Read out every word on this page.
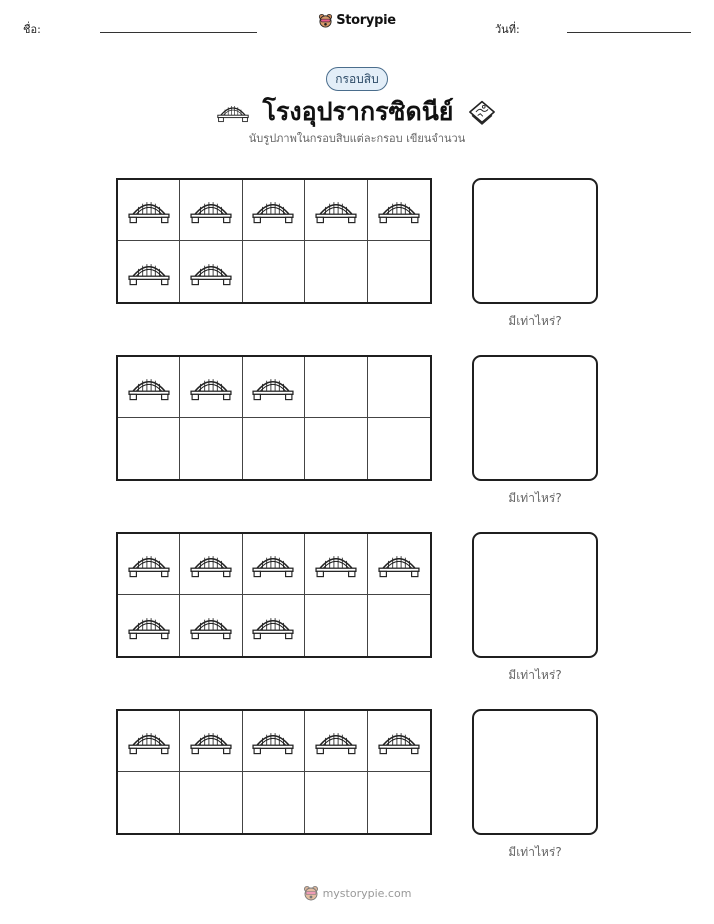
ชื่อ:
Storypie
วันที่:
กรอบสิบ
โรงอุปรากรซิดนีย์
นับรูปภาพในกรอบสิบแต่ละกรอบ เขียนจำนวน
มีเท่าไหร่?
มีเท่าไหร่?
มีเท่าไหร่?
มีเท่าไหร่?
mystorypie.com
